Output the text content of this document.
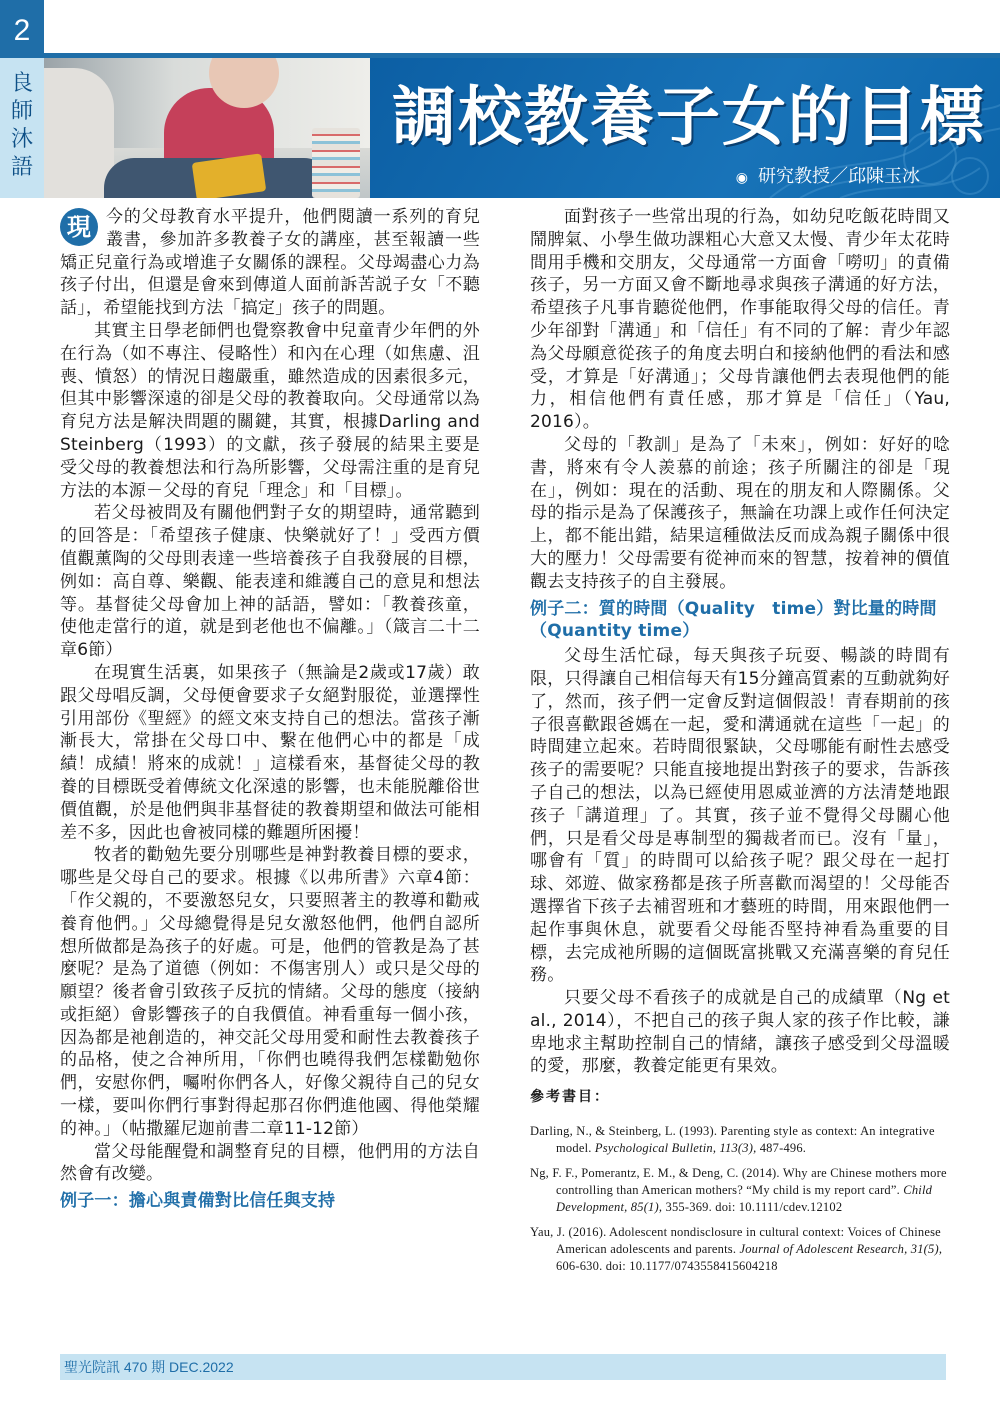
2
良
師
沐
語
調校教養子女的目標
◉ 研究教授／邱陳玉冰

現 今的父母教育水平提升，他們閱讀一系列的育兒叢書，參加許多教養子女的講座，甚至報讀一些矯正兒童行為或增進子女關係的課程。父母竭盡心力為孩子付出，但還是會來到傳道人面前訴苦説子女「不聽話」，希望能找到方法「搞定」孩子的問題。

其實主日學老師們也覺察教會中兒童青少年們的外在行為（如不專注、侵略性）和內在心理（如焦慮、沮喪、憤怒）的情況日趨嚴重，雖然造成的因素很多元，但其中影響深遠的卻是父母的教養取向。父母通常以為育兒方法是解決問題的關鍵，其實，根據Darling and Steinberg（1993）的文獻，孩子發展的結果主要是受父母的教養想法和行為所影響，父母需注重的是育兒方法的本源－父母的育兒「理念」和「目標」。

若父母被問及有關他們對子女的期望時，通常聽到的回答是：「希望孩子健康、快樂就好了！」受西方價值觀薰陶的父母則表達一些培養孩子自我發展的目標，例如：高自尊、樂觀、能表達和維護自己的意見和想法等。基督徒父母會加上神的話語，譬如：「教養孩童，使他走當行的道，就是到老他也不偏離。」（箴言二十二章6節）

在現實生活裏，如果孩子（無論是2歲或17歲）敢跟父母唱反調，父母便會要求子女絕對服從，並選擇性引用部份《聖經》的經文來支持自己的想法。當孩子漸漸長大，常掛在父母口中、繫在他們心中的都是「成績！成績！將來的成就！」這樣看來，基督徒父母的教養的目標既受着傳統文化深遠的影響，也未能脱離俗世價值觀，於是他們與非基督徒的教養期望和做法可能相差不多，因此也會被同樣的難題所困擾！

牧者的勸勉先要分別哪些是神對教養目標的要求，哪些是父母自己的要求。根據《以弗所書》六章4節：「作父親的，不要激怒兒女，只要照著主的教導和勸戒養育他們。」父母總覺得是兒女激怒他們，他們自認所想所做都是為孩子的好處。可是，他們的管教是為了甚麼呢？是為了道德（例如：不傷害別人）或只是父母的願望？後者會引致孩子反抗的情緒。父母的態度（接納或拒絕）會影響孩子的自我價值。神看重每一個小孩，因為都是祂創造的，神交託父母用愛和耐性去教養孩子的品格，使之合神所用，「你們也曉得我們怎樣勸勉你們，安慰你們，囑咐你們各人，好像父親待自己的兒女一樣，要叫你們行事對得起那召你們進他國、得他榮耀的神。」（帖撒羅尼迦前書二章11-12節）

當父母能醒覺和調整育兒的目標，他們用的方法自然會有改變。

例子一：擔心與責備對比信任與支持

面對孩子一些常出現的行為，如幼兒吃飯花時間又鬧脾氣、小學生做功課粗心大意又太慢、青少年太花時間用手機和交朋友，父母通常一方面會「嘮叨」的責備孩子，另一方面又會不斷地尋求與孩子溝通的好方法，希望孩子凡事肯聽從他們，作事能取得父母的信任。青少年卻對「溝通」和「信任」有不同的了解：青少年認為父母願意從孩子的角度去明白和接納他們的看法和感受，才算是「好溝通」；父母肯讓他們去表現他們的能力，相信他們有責任感，那才算是「信任」（Yau, 2016）。

父母的「教訓」是為了「未來」，例如：好好的唸書，將來有令人羨慕的前途；孩子所關注的卻是「現在」，例如：現在的活動、現在的朋友和人際關係。父母的指示是為了保護孩子，無論在功課上或作任何決定上，都不能出錯，結果這種做法反而成為親子關係中很大的壓力！父母需要有從神而來的智慧，按着神的價值觀去支持孩子的自主發展。

例子二：質的時間（Quality　time）對比量的時間（Quantity time）

父母生活忙碌，每天與孩子玩耍、暢談的時間有限，只得讓自己相信每天有15分鐘高質素的互動就夠好了，然而，孩子們一定會反對這個假設！青春期前的孩子很喜歡跟爸媽在一起，愛和溝通就在這些「一起」的時間建立起來。若時間很緊缺，父母哪能有耐性去感受孩子的需要呢？只能直接地提出對孩子的要求，告訴孩子自己的想法，以為已經使用恩威並濟的方法清楚地跟孩子「講道理」了。其實，孩子並不覺得父母關心他們，只是看父母是專制型的獨裁者而已。沒有「量」，哪會有「質」的時間可以給孩子呢？跟父母在一起打球、郊遊、做家務都是孩子所喜歡而渴望的！父母能否選擇省下孩子去補習班和才藝班的時間，用來跟他們一起作事與休息，就要看父母能否堅持神看為重要的目標，去完成祂所賜的這個既富挑戰又充滿喜樂的育兒任務。

只要父母不看孩子的成就是自己的成績單（Ng et al., 2014），不把自己的孩子與人家的孩子作比較，謙卑地求主幫助控制自己的情緒，讓孩子感受到父母溫暖的愛，那麼，教養定能更有果效。

參考書目：
Darling, N., & Steinberg, L. (1993). Parenting style as context: An integrative model. Psychological Bulletin, 113(3), 487-496.
Ng, F. F., Pomerantz, E. M., & Deng, C. (2014). Why are Chinese mothers more controlling than American mothers? “My child is my report card”. Child Development, 85(1), 355-369. doi: 10.1111/cdev.12102
Yau, J. (2016). Adolescent nondisclosure in cultural context: Voices of Chinese American adolescents and parents. Journal of Adolescent Research, 31(5), 606-630. doi: 10.1177/0743558415604218
聖光院訊 470 期 DEC.2022
